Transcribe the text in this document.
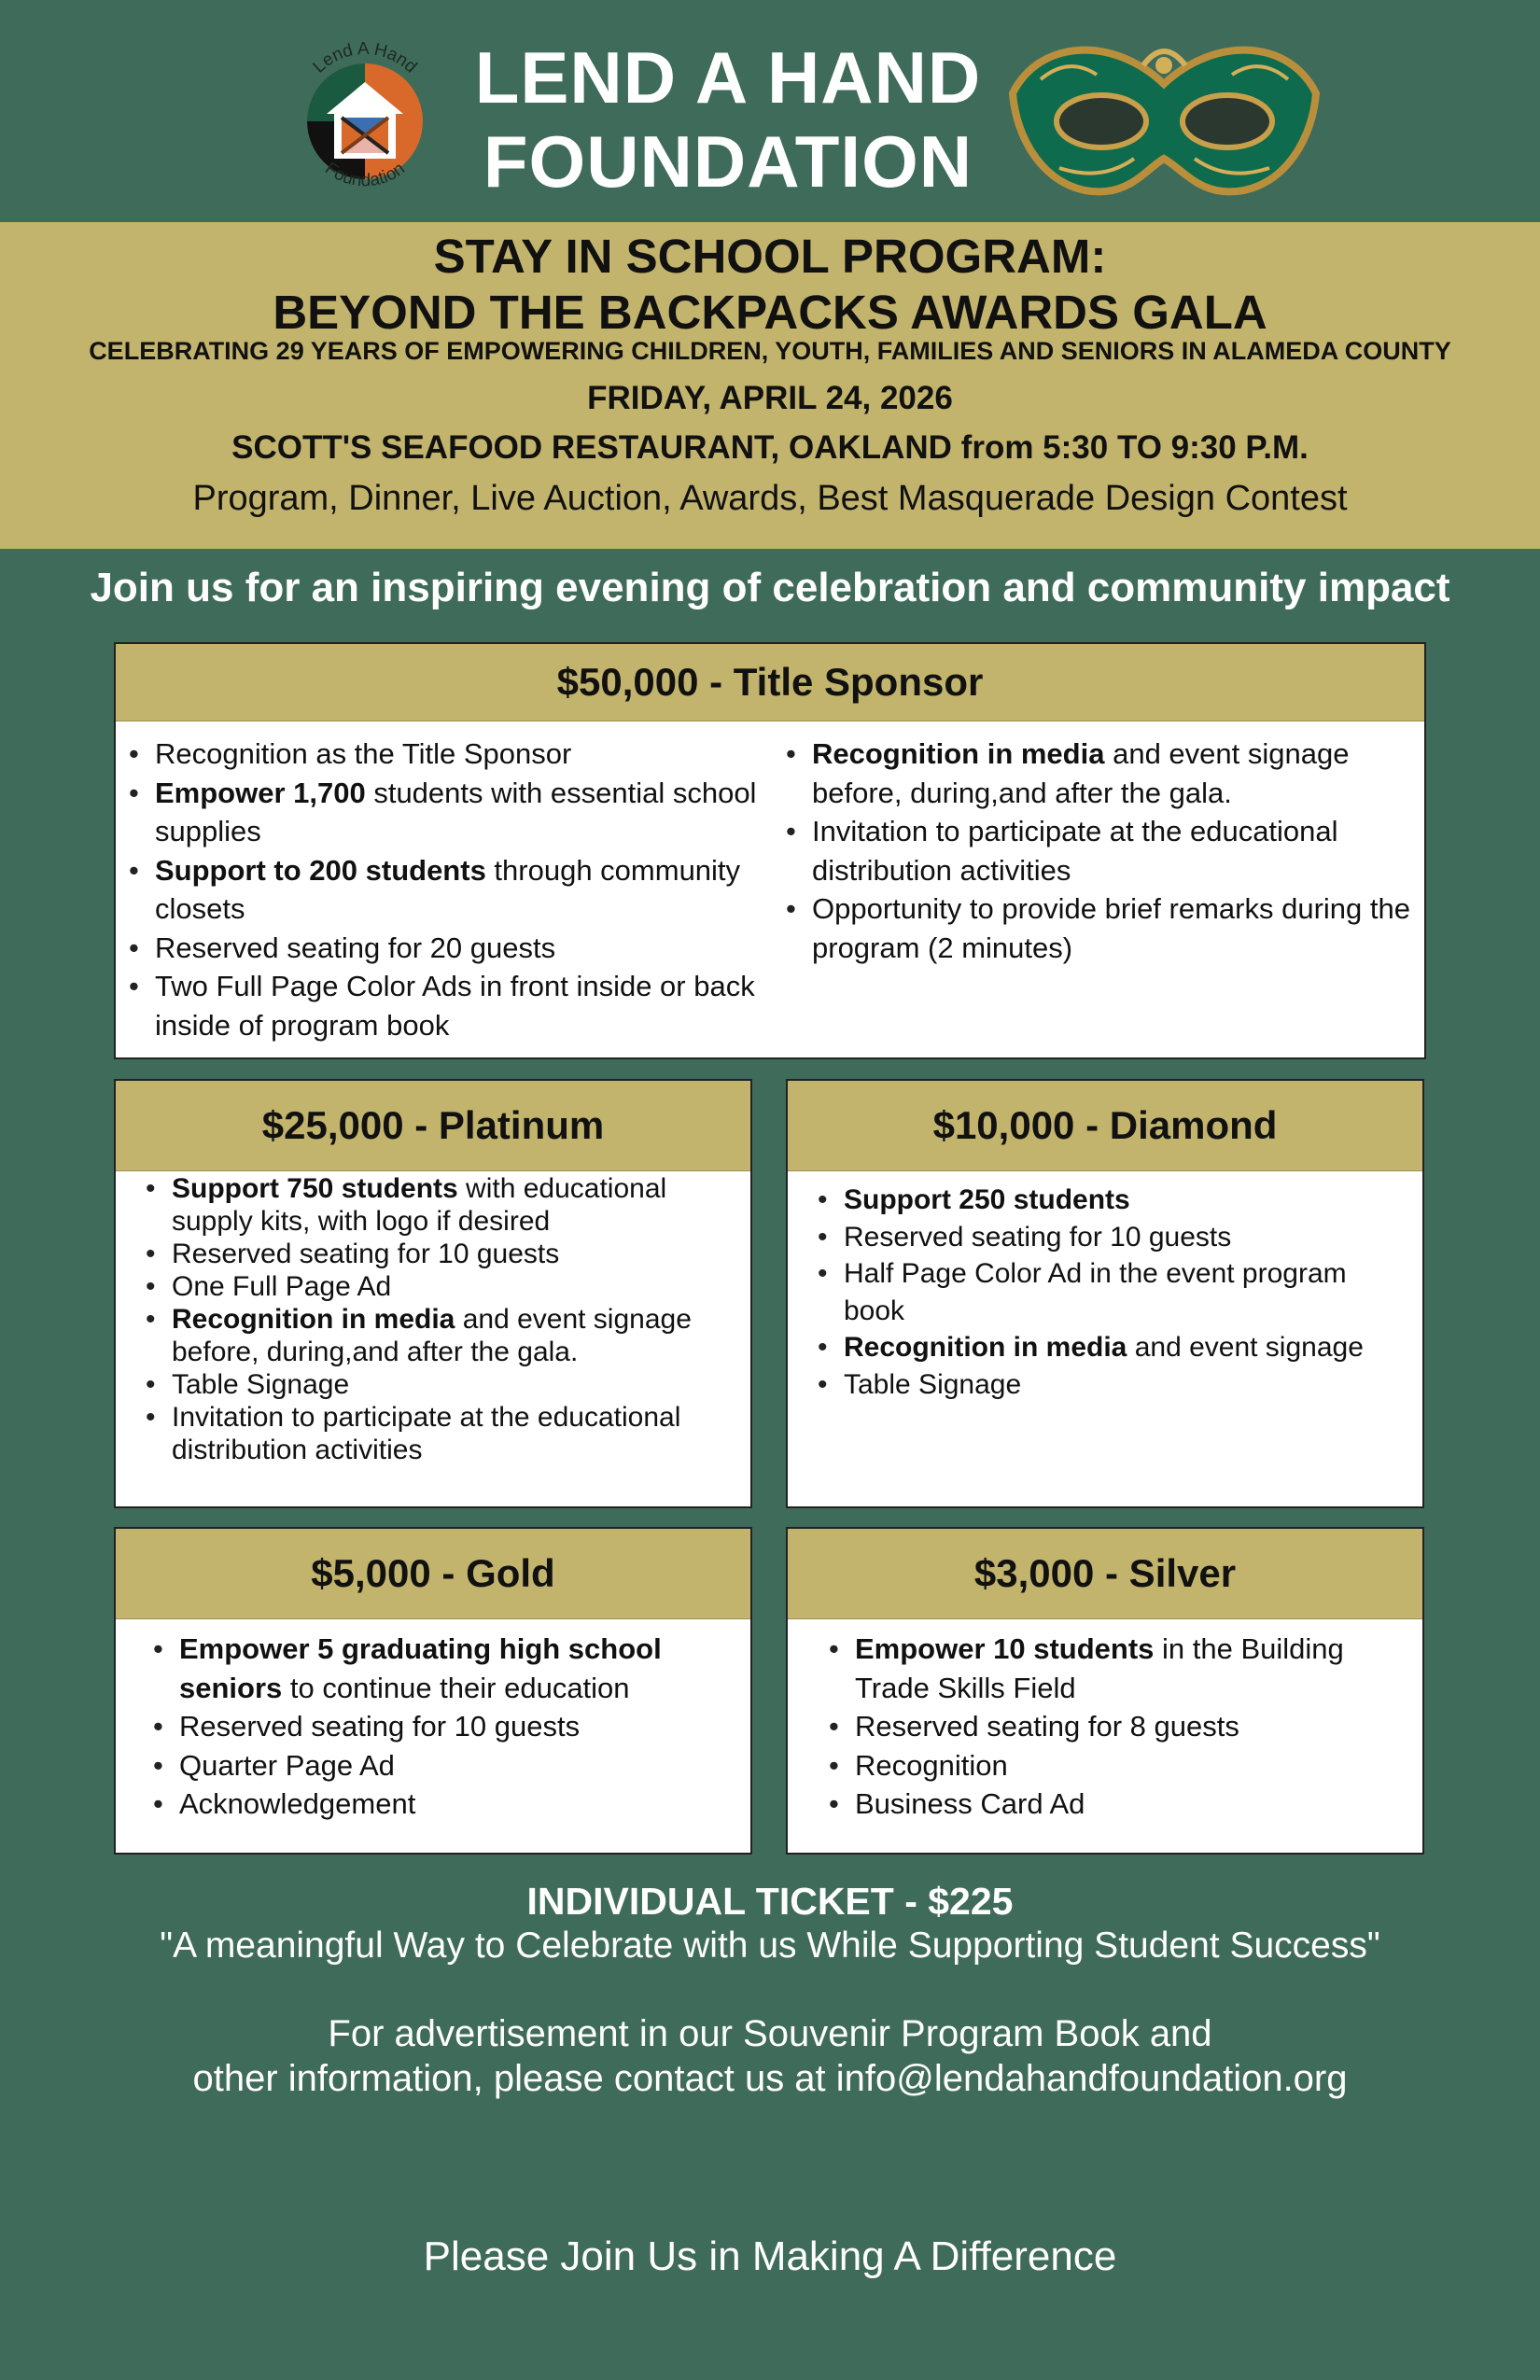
Lend A Hand
Foundation
LEND A HAND
FOUNDATION
STAY IN SCHOOL PROGRAM:
BEYOND THE BACKPACKS AWARDS GALA
CELEBRATING 29 YEARS OF EMPOWERING CHILDREN, YOUTH, FAMILIES AND SENIORS IN ALAMEDA COUNTY
FRIDAY, APRIL 24, 2026
SCOTT'S SEAFOOD RESTAURANT, OAKLAND from 5:30 TO 9:30 P.M.
Program, Dinner, Live Auction, Awards, Best Masquerade Design Contest
Join us for an inspiring evening of celebration and community impact
$50,000 - Title Sponsor
• Recognition as the Title Sponsor
• Empower 1,700 students with essential school supplies
• Support to 200 students through community closets
• Reserved seating for 20 guests
• Two Full Page Color Ads in front inside or back inside of program book
• Recognition in media and event signage before, during,and after the gala.
• Invitation to participate at the educational distribution activities
• Opportunity to provide brief remarks during the program (2 minutes)
$25,000 - Platinum
• Support 750 students with educational supply kits, with logo if desired
• Reserved seating for 10 guests
• One Full Page Ad
• Recognition in media and event signage before, during,and after the gala.
• Table Signage
• Invitation to participate at the educational distribution activities
$10,000 - Diamond
• Support 250 students
• Reserved seating for 10 guests
• Half Page Color Ad in the event program book
• Recognition in media and event signage
• Table Signage
$5,000 - Gold
• Empower 5 graduating high school seniors to continue their education
• Reserved seating for 10 guests
• Quarter Page Ad
• Acknowledgement
$3,000 - Silver
• Empower 10 students in the Building Trade Skills Field
• Reserved seating for 8 guests
• Recognition
• Business Card Ad
INDIVIDUAL TICKET - $225
"A meaningful Way to Celebrate with us While Supporting Student Success"
For advertisement in our Souvenir Program Book and
other information, please contact us at info@lendahandfoundation.org
Please Join Us in Making A Difference
